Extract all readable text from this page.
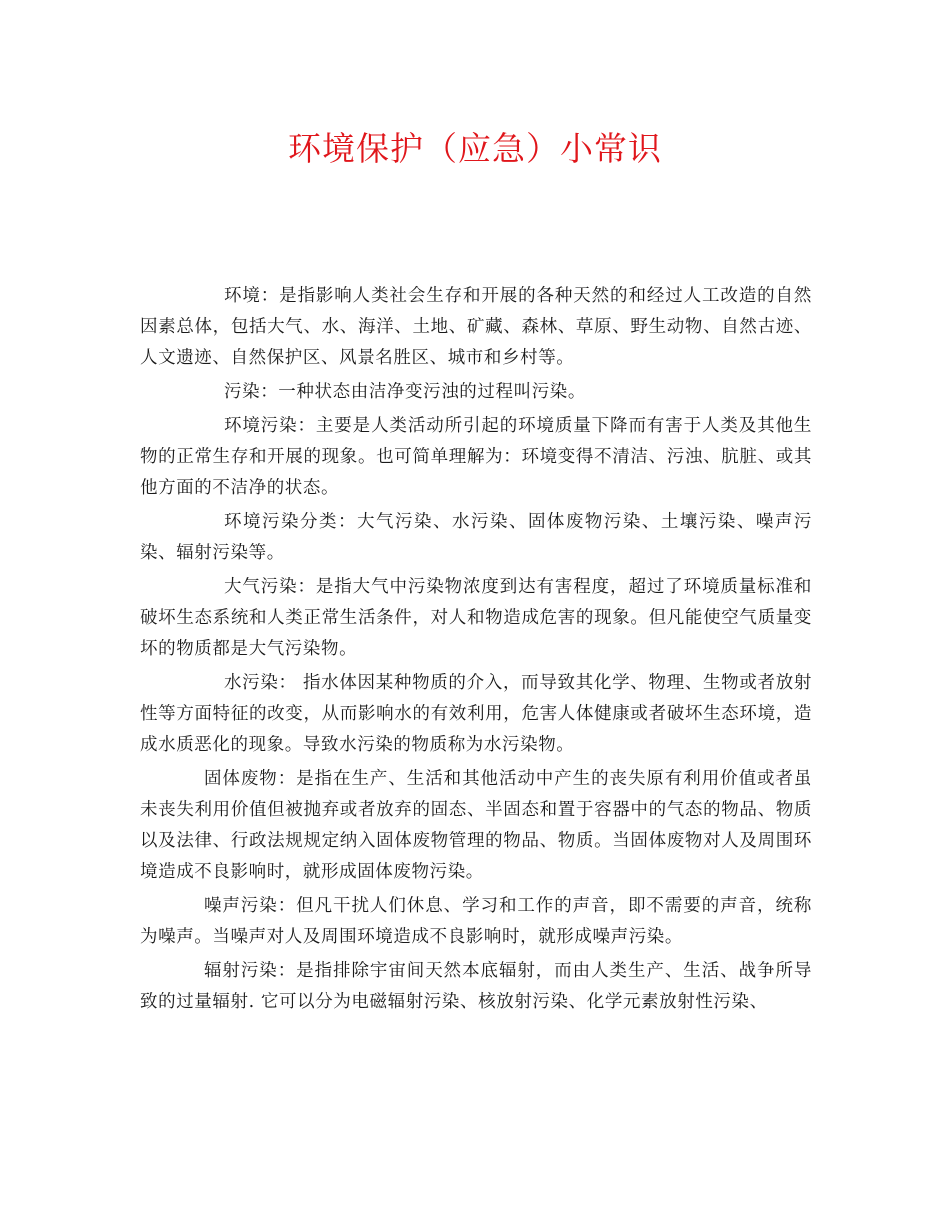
环境保护（应急）小常识

环境：是指影响人类社会生存和开展的各种天然的和经过人工改造的自然因素总体，包括大气、水、海洋、土地、矿藏、森林、草原、野生动物、自然古迹、人文遗迹、自然保护区、风景名胜区、城市和乡村等。

污染：一种状态由洁净变污浊的过程叫污染。

环境污染：主要是人类活动所引起的环境质量下降而有害于人类及其他生物的正常生存和开展的现象。也可简单理解为：环境变得不清洁、污浊、肮脏、或其他方面的不洁净的状态。

环境污染分类：大气污染、水污染、固体废物污染、土壤污染、噪声污染、辐射污染等。

大气污染：是指大气中污染物浓度到达有害程度，超过了环境质量标准和破坏生态系统和人类正常生活条件，对人和物造成危害的现象。但凡能使空气质量变坏的物质都是大气污染物。

水污染： 指水体因某种物质的介入，而导致其化学、物理、生物或者放射性等方面特征的改变，从而影响水的有效利用，危害人体健康或者破坏生态环境，造成水质恶化的现象。导致水污染的物质称为水污染物。

固体废物：是指在生产、生活和其他活动中产生的丧失原有利用价值或者虽未丧失利用价值但被抛弃或者放弃的固态、半固态和置于容器中的气态的物品、物质以及法律、行政法规规定纳入固体废物管理的物品、物质。当固体废物对人及周围环境造成不良影响时，就形成固体废物污染。

噪声污染：但凡干扰人们休息、学习和工作的声音，即不需要的声音，统称为噪声。当噪声对人及周围环境造成不良影响时，就形成噪声污染。

辐射污染：是指排除宇宙间天然本底辐射，而由人类生产、生活、战争所导致的过量辐射. 它可以分为电磁辐射污染、核放射污染、化学元素放射性污染、
